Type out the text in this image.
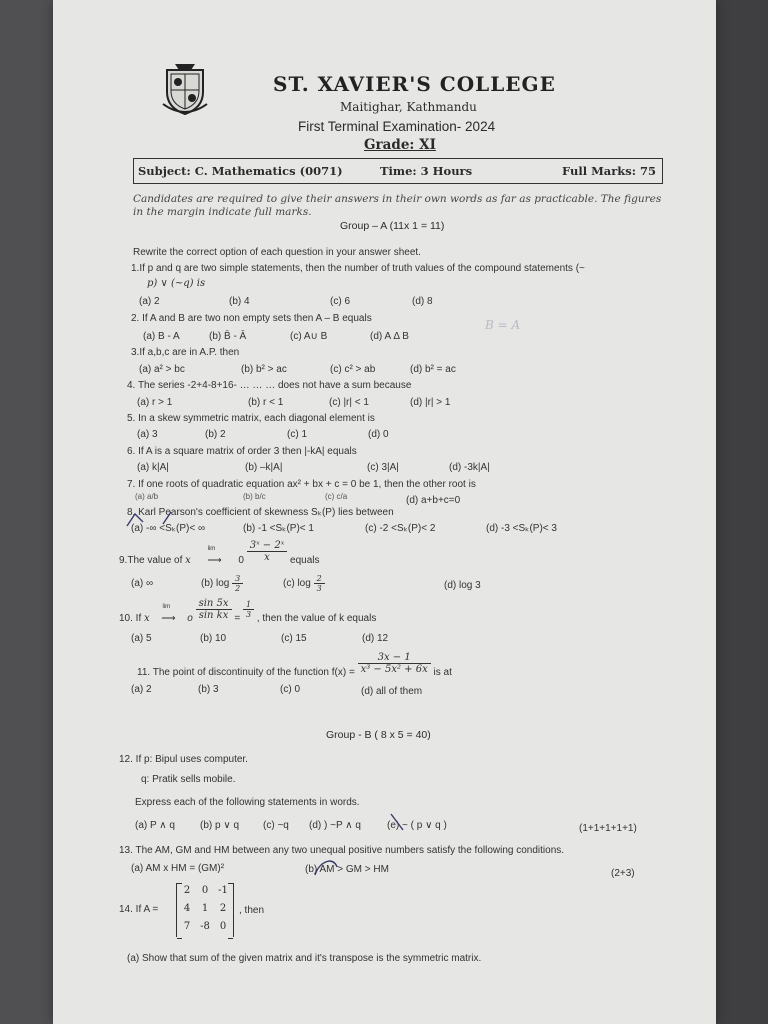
ST. XAVIER'S COLLEGE
Maitighar, Kathmandu
First Terminal Examination- 2024
Grade: XI
Subject: C. Mathematics (0071)	Time: 3 Hours	Full Marks: 75
Candidates are required to give their answers in their own words as far as practicable. The figures in the margin indicate full marks.
Group – A (11x 1 = 11)
Rewrite the correct option of each question in your answer sheet.
1.If p and q are two simple statements, then the number of truth values of the compound statements (~
p) ∨ (~q) is
(a) 2	(b) 4	(c) 6	(d) 8
2. If A and B are two non empty sets then A – B equals
(a) B - A	(b) B̄ - Ā	(c) A∪ B	(d) A Δ B
B = A
3.If a,b,c are in A.P. then
(a) a² > bc	(b) b² > ac	(c) c² > ab	(d) b² = ac
4. The series -2+4-8+16- … … … does not have a sum because
(a) r > 1	(b) r < 1	(c) |r| < 1	(d) |r| > 1
5. In a skew symmetric matrix, each diagonal element is
(a) 3	(b) 2	(c) 1	(d) 0
6. If A is a square matrix of order 3 then |-kA| equals
(a) k|A|	(b) –k|A|	(c) 3|A|	(d) -3k|A|
7. If one roots of quadratic equation ax² + bx + c = 0 be 1, then the other root is
(a) a/b	(b) b/c	(c) c/a	(d) a+b+c=0
8. Karl Pearson's coefficient of skewness Sₖ(P) lies between
(a) -∞ <Sₖ(P)< ∞	(b) -1 <Sₖ(P)< 1	(c) -2 <Sₖ(P)< 2	(d) -3 <Sₖ(P)< 3
9.The value of x
lim
⟶ $0 \frac{\text{3ˣ − 2ˣ}}{x}$ equals
(a) ∞	(b) $\log \frac{3}{2}$	(c) $\log \frac{2}{3}$	(d) log 3
10. If x
lim
⟶ o $\frac{\sin 5x}{\text{sin kx}} = \frac{1}{3}$ , then the value of k equals
(a) 5	(b) 10	(c) 15	(d) 12
11. The point of discontinuity of the function $f(x) = \frac{3x - 1}{\text{x³ − 5x² + 6x}}$ is at
(a) 2	(b) 3	(c) 0	(d) all of them
Group - B ( 8 x 5 = 40)
12. If p: Bipul uses computer.
q: Pratik sells mobile.
Express each of the following statements in words.
(a) P ∧ q	(b) p ∨ q (c) ~q (d) ) ~P ∧ q	(e) ~ ( p ∨ q )	(1+1+1+1+1)
13. The AM, GM and HM between any two unequal positive numbers satisfy the following conditions.
(a) AM x HM = (GM)²	(b) AM > GM > HM	(2+3)
14. If A =
2	0 -1
4	1	2
7 -8 0
, then
(a) Show that sum of the given matrix and it's transpose is the symmetric matrix.
